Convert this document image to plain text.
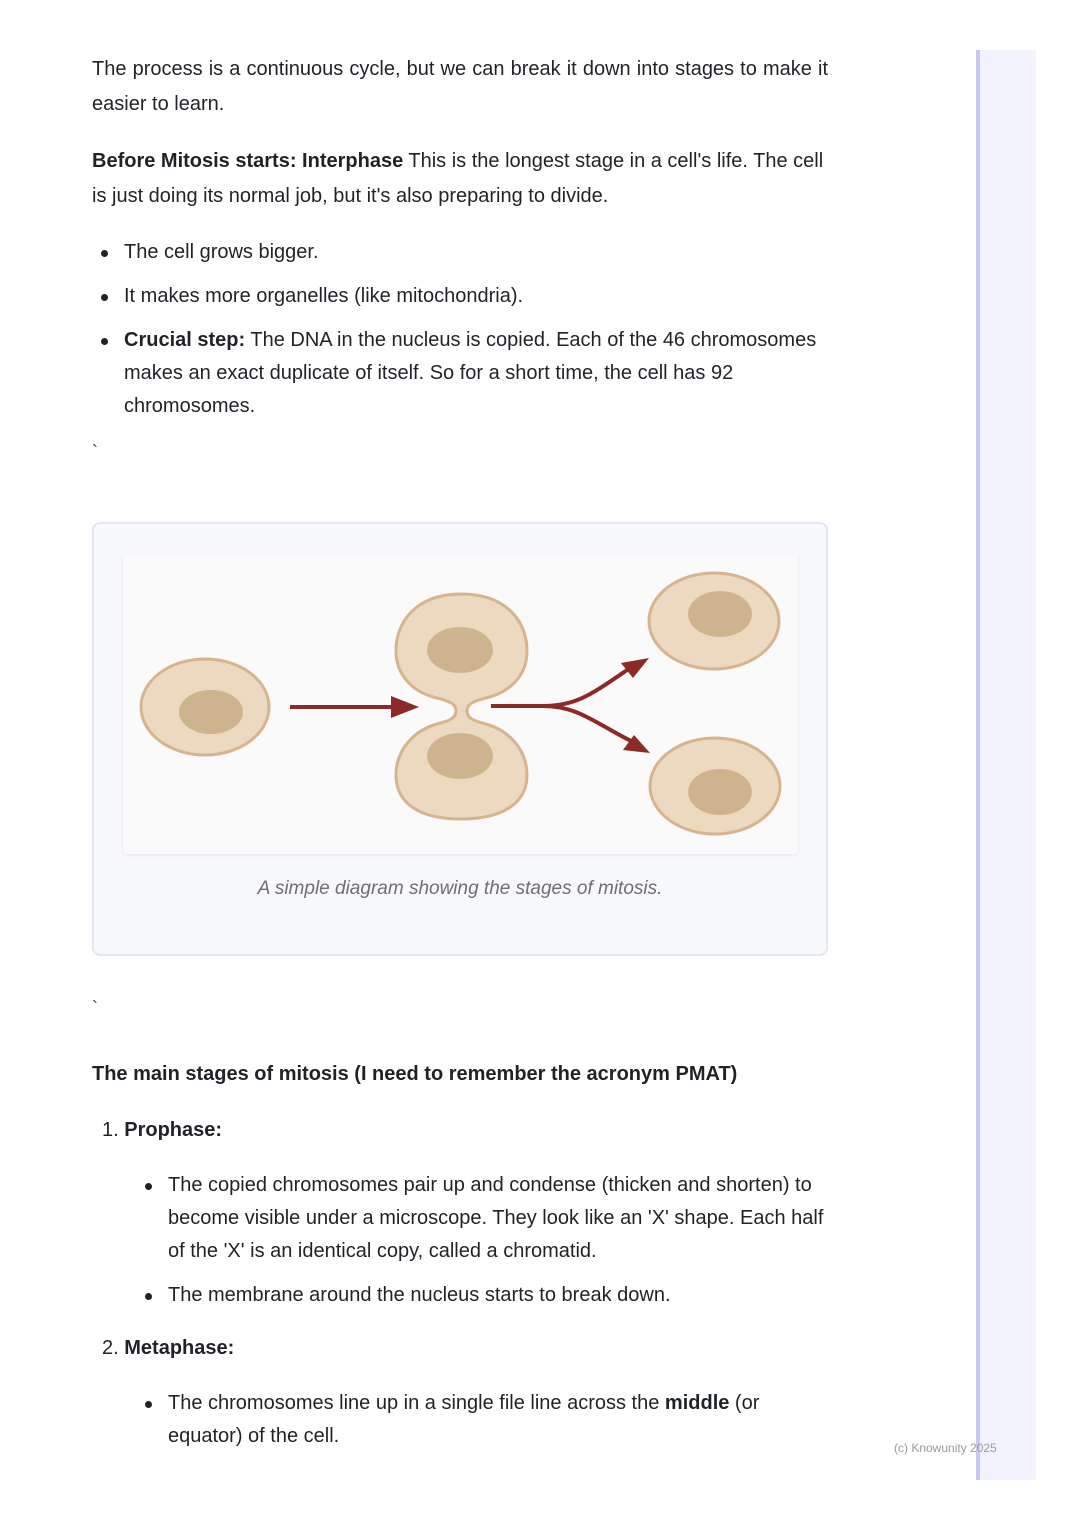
The process is a continuous cycle, but we can break it down into stages to make it easier to learn.

Before Mitosis starts: Interphase This is the longest stage in a cell's life. The cell is just doing its normal job, but it's also preparing to divide.

The cell grows bigger.
It makes more organelles (like mitochondria).
Crucial step: The DNA in the nucleus is copied. Each of the 46 chromosomes makes an exact duplicate of itself. So for a short time, the cell has 92 chromosomes.
`
A simple diagram showing the stages of mitosis.
`
The main stages of mitosis (I need to remember the acronym PMAT)
1. Prophase:
The copied chromosomes pair up and condense (thicken and shorten) to become visible under a microscope. They look like an 'X' shape. Each half of the 'X' is an identical copy, called a chromatid.
The membrane around the nucleus starts to break down.
2. Metaphase:
The chromosomes line up in a single file line across the middle (or equator) of the cell.
(c) Knowunity 2025
